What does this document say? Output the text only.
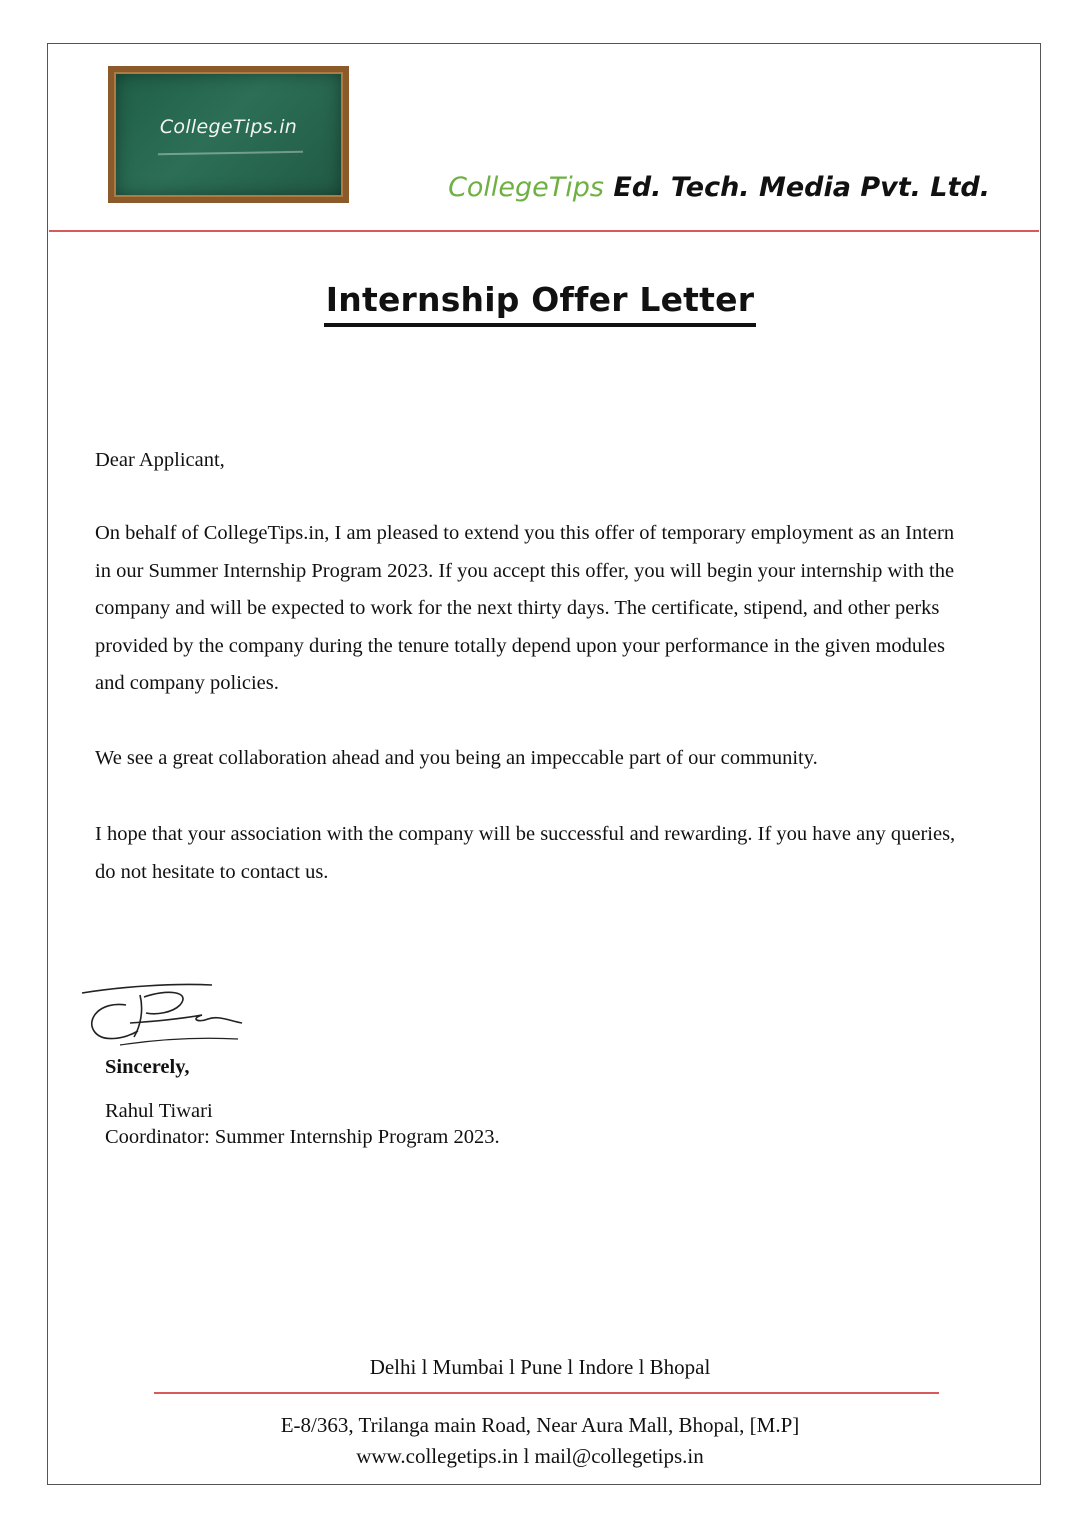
CollegeTips.in
CollegeTips Ed. Tech. Media Pvt. Ltd.
Internship Offer Letter
Dear Applicant,
On behalf of CollegeTips.in, I am pleased to extend you this offer of temporary employment as an Intern in our Summer Internship Program 2023. If you accept this offer, you will begin your internship with the company and will be expected to work for the next thirty days. The certificate, stipend, and other perks provided by the company during the tenure totally depend upon your performance in the given modules and company policies.
We see a great collaboration ahead and you being an impeccable part of our community.
I hope that your association with the company will be successful and rewarding. If you have any queries, do not hesitate to contact us.
Sincerely,
Rahul Tiwari
Coordinator: Summer Internship Program 2023.
Delhi l Mumbai l Pune l Indore l Bhopal
E-8/363, Trilanga main Road, Near Aura Mall, Bhopal, [M.P]
www.collegetips.in l mail@collegetips.in
